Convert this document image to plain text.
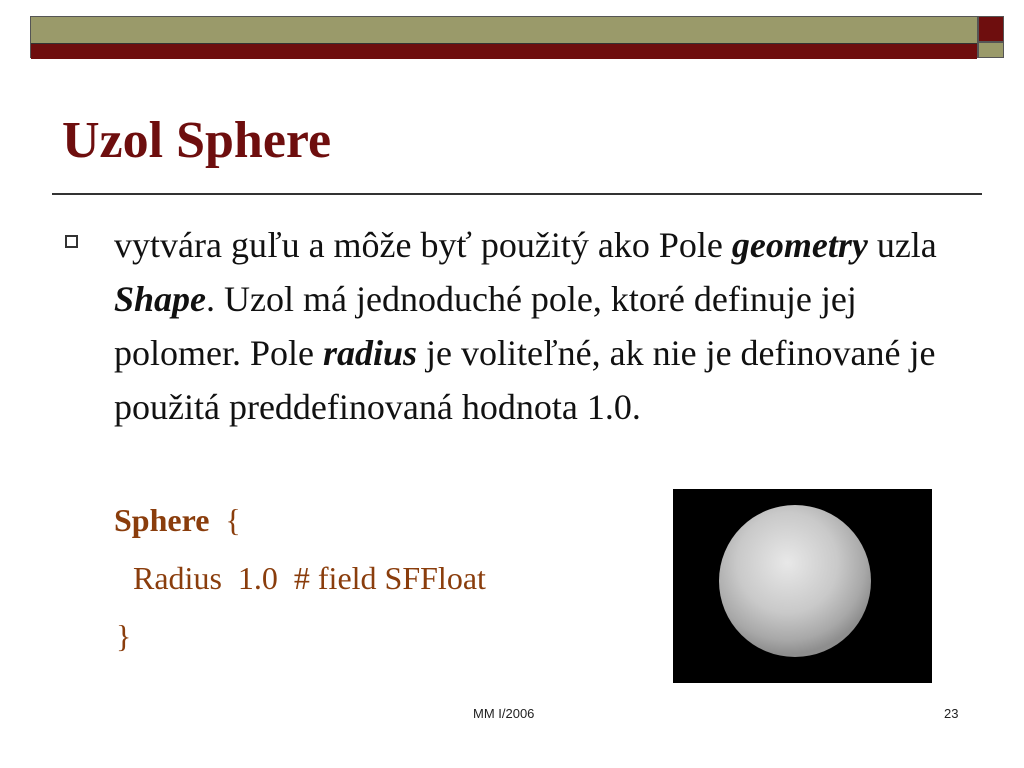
Uzol Sphere

vytvára guľu a môže byť použitý ako Pole geometry uzla Shape. Uzol má jednoduché pole, ktoré definuje jej polomer. Pole radius je voliteľné, ak nie je definované je použitá preddefinovaná hodnota 1.0.

Sphere  {
Radius  1.0  # field SFFloat
}
MM I/2006	23
